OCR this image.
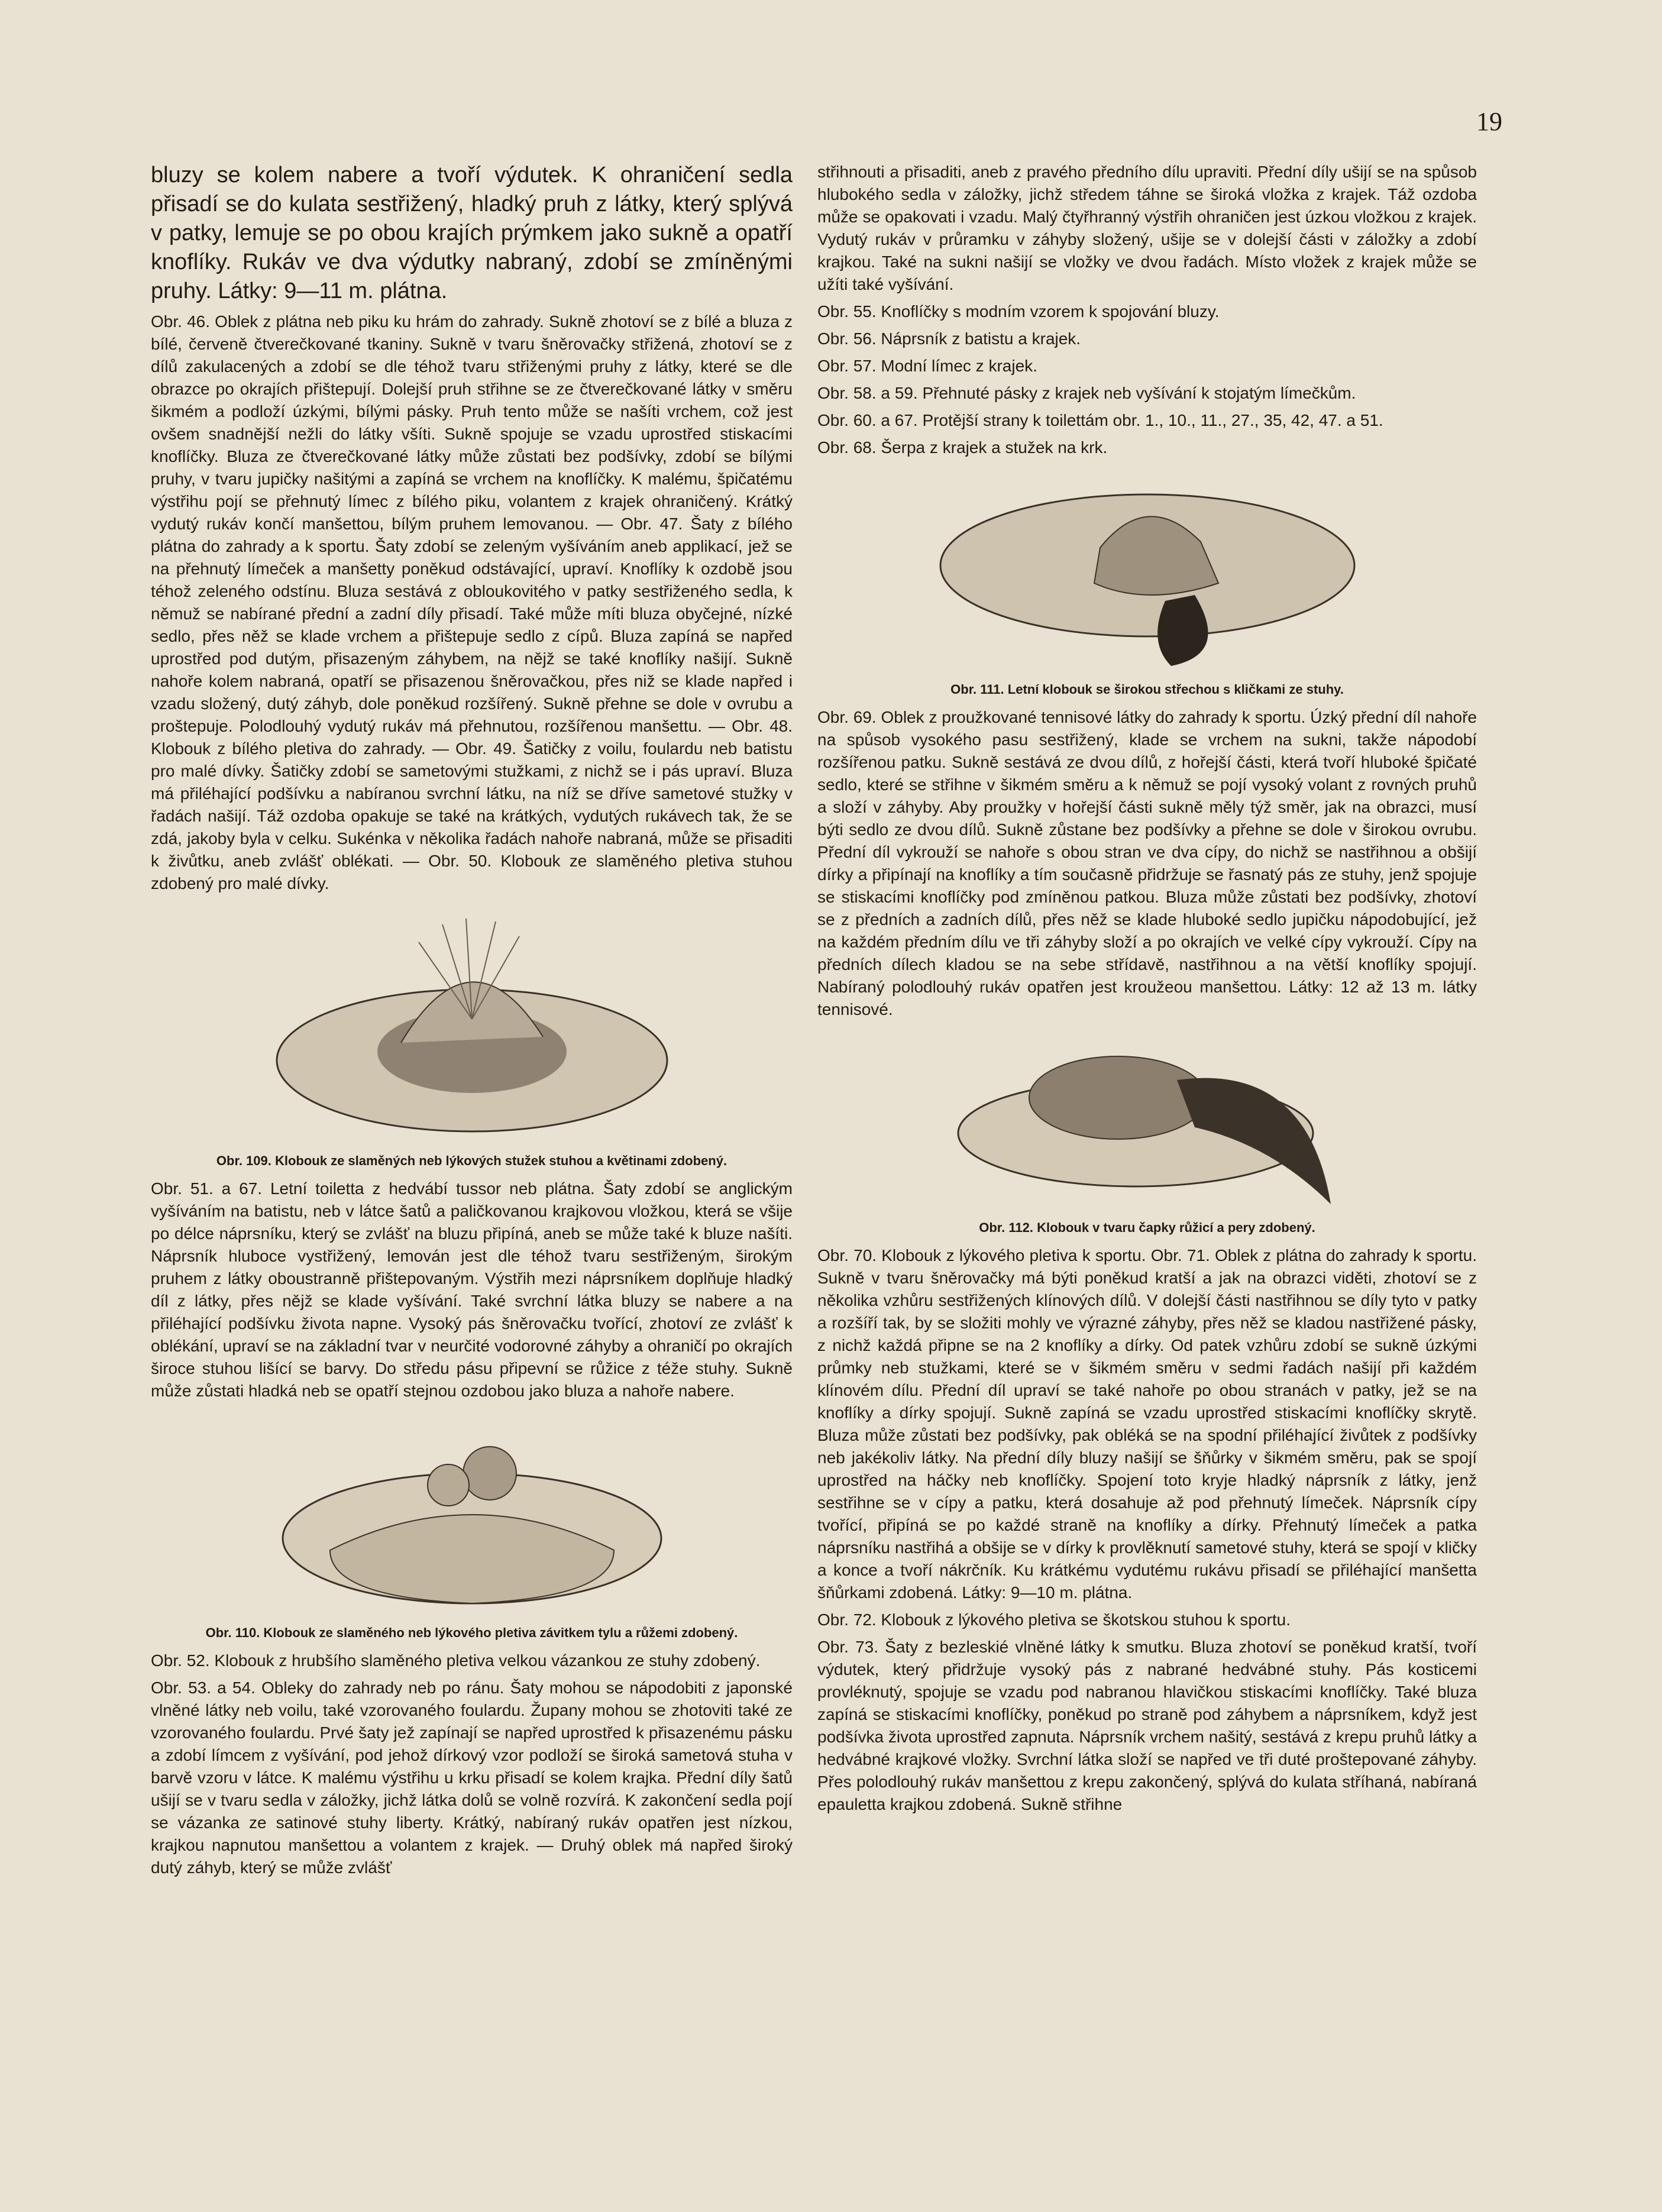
19

bluzy se kolem nabere a tvoří výdutek. K ohraničení sedla přisadí se do kulata sestřižený, hladký pruh z látky, který splývá v patky, lemuje se po obou krajích prýmkem jako sukně a opatří knoflíky. Rukáv ve dva výdutky nabraný, zdobí se zmíněnými pruhy. Látky: 9—11 m. plátna.

Obr. 46. Oblek z plátna neb piku ku hrám do zahrady. Sukně zhotoví se z bílé a bluza z bílé, červeně čtverečkované tkaniny. Sukně v tvaru šněrovačky střižená, zhotoví se z dílů zakulacených a zdobí se dle téhož tvaru střiženými pruhy z látky, které se dle obrazce po okrajích přištepují. Dolejší pruh střihne se ze čtverečkované látky v směru šikmém a podloží úzkými, bílými pásky. Pruh tento může se našíti vrchem, což jest ovšem snadnější nežli do látky všíti. Sukně spojuje se vzadu uprostřed stiskacími knoflíčky. Bluza ze čtverečkované látky může zůstati bez podšívky, zdobí se bílými pruhy, v tvaru jupičky našitými a zapíná se vrchem na knoflíčky. K malému, špičatému výstřihu pojí se přehnutý límec z bílého piku, volantem z krajek ohraničený. Krátký vydutý rukáv končí manšettou, bílým pruhem lemovanou. — Obr. 47. Šaty z bílého plátna do zahrady a k sportu. Šaty zdobí se zeleným vyšíváním aneb applikací, jež se na přehnutý límeček a manšetty poněkud odstávající, upraví. Knoflíky k ozdobě jsou téhož zeleného odstínu. Bluza sestává z obloukovitého v patky sestřiženého sedla, k němuž se nabírané přední a zadní díly přisadí. Také může míti bluza obyčejné, nízké sedlo, přes něž se klade vrchem a přištepuje sedlo z cípů. Bluza zapíná se napřed uprostřed pod dutým, přisazeným záhybem, na nějž se také knoflíky našijí. Sukně nahoře kolem nabraná, opatří se přisazenou šněrovačkou, přes niž se klade napřed i vzadu složený, dutý záhyb, dole poněkud rozšířený. Sukně přehne se dole v ovrubu a proštepuje. Polodlouhý vydutý rukáv má přehnutou, rozšířenou manšettu. — Obr. 48. Klobouk z bílého pletiva do zahrady. — Obr. 49. Šatičky z voilu, foulardu neb batistu pro malé dívky. Šatičky zdobí se sametovými stužkami, z nichž se i pás upraví. Bluza má přiléhající podšívku a nabíranou svrchní látku, na níž se dříve sametové stužky v řadách našijí. Táž ozdoba opakuje se také na krátkých, vydutých rukávech tak, že se zdá, jakoby byla v celku. Sukénka v několika řadách nahoře nabraná, může se přisaditi k živůtku, aneb zvlášť oblékati. — Obr. 50. Klobouk ze slaměného pletiva stuhou zdobený pro malé dívky.

Obr. 109. Klobouk ze slaměných neb lýkových stužek stuhou a květinami zdobený.

Obr. 51. a 67. Letní toiletta z hedvábí tussor neb plátna. Šaty zdobí se anglickým vyšíváním na batistu, neb v látce šatů a paličkovanou krajkovou vložkou, která se všije po délce náprsníku, který se zvlášť na bluzu připíná, aneb se může také k bluze našíti. Náprsník hluboce vystřižený, lemován jest dle téhož tvaru sestřiženým, širokým pruhem z látky oboustranně přištepovaným. Výstřih mezi náprsníkem doplňuje hladký díl z látky, přes nějž se klade vyšívání. Také svrchní látka bluzy se nabere a na přiléhající podšívku života napne. Vysoký pás šněrovačku tvořící, zhotoví ze zvlášť k oblékání, upraví se na základní tvar v neurčité vodorovné záhyby a ohraničí po okrajích široce stuhou lišící se barvy. Do středu pásu připevní se růžice z téže stuhy. Sukně může zůstati hladká neb se opatří stejnou ozdobou jako bluza a nahoře nabere.

Obr. 110. Klobouk ze slaměného neb lýkového pletiva závitkem tylu a růžemi zdobený.

Obr. 52. Klobouk z hrubšího slaměného pletiva velkou vázankou ze stuhy zdobený.

Obr. 53. a 54. Obleky do zahrady neb po ránu. Šaty mohou se nápodobiti z japonské vlněné látky neb voilu, také vzorovaného foulardu. Župany mohou se zhotoviti také ze vzorovaného foulardu. Prvé šaty jež zapínají se napřed uprostřed k přisazenému pásku a zdobí límcem z vyšívání, pod jehož dírkový vzor podloží se široká sametová stuha v barvě vzoru v látce. K malému výstřihu u krku přisadí se kolem krajka. Přední díly šatů ušijí se v tvaru sedla v záložky, jichž látka dolů se volně rozvírá. K zakončení sedla pojí se vázanka ze satinové stuhy liberty. Krátký, nabíraný rukáv opatřen jest nízkou, krajkou napnutou manšettou a volantem z krajek. — Druhý oblek má napřed široký dutý záhyb, který se může zvlášť

střihnouti a přisaditi, aneb z pravého předního dílu upraviti. Přední díly ušijí se na spůsob hlubokého sedla v záložky, jichž středem táhne se široká vložka z krajek. Táž ozdoba může se opakovati i vzadu. Malý čtyřhranný výstřih ohraničen jest úzkou vložkou z krajek. Vydutý rukáv v průramku v záhyby složený, ušije se v dolejší části v záložky a zdobí krajkou. Také na sukni našijí se vložky ve dvou řadách. Místo vložek z krajek může se užíti také vyšívání.

Obr. 55. Knoflíčky s modním vzorem k spojování bluzy.

Obr. 56. Náprsník z batistu a krajek.

Obr. 57. Modní límec z krajek.

Obr. 58. a 59. Přehnuté pásky z krajek neb vyšívání k stojatým límečkům.

Obr. 60. a 67. Protější strany k toilettám obr. 1., 10., 11., 27., 35, 42, 47. a 51.

Obr. 68. Šerpa z krajek a stužek na krk.

Obr. 111. Letní klobouk se širokou střechou s kličkami ze stuhy.

Obr. 69. Oblek z proužkované tennisové látky do zahrady k sportu. Úzký přední díl nahoře na spůsob vysokého pasu sestřižený, klade se vrchem na sukni, takže nápodobí rozšířenou patku. Sukně sestává ze dvou dílů, z hořejší části, která tvoří hluboké špičaté sedlo, které se střihne v šikmém směru a k němuž se pojí vysoký volant z rovných pruhů a složí v záhyby. Aby proužky v hořejší části sukně měly týž směr, jak na obrazci, musí býti sedlo ze dvou dílů. Sukně zůstane bez podšívky a přehne se dole v širokou ovrubu. Přední díl vykrouží se nahoře s obou stran ve dva cípy, do nichž se nastřihnou a obšijí dírky a připínají na knoflíky a tím současně přidržuje se řasnatý pás ze stuhy, jenž spojuje se stiskacími knoflíčky pod zmíněnou patkou. Bluza může zůstati bez podšívky, zhotoví se z předních a zadních dílů, přes něž se klade hluboké sedlo jupičku nápodobující, jež na každém předním dílu ve tři záhyby složí a po okrajích ve velké cípy vykrouží. Cípy na předních dílech kladou se na sebe střídavě, nastřihnou a na větší knoflíky spojují. Nabíraný polodlouhý rukáv opatřen jest kroužeou manšettou. Látky: 12 až 13 m. látky tennisové.

Obr. 112. Klobouk v tvaru čapky růžicí a pery zdobený.

Obr. 70. Klobouk z lýkového pletiva k sportu. Obr. 71. Oblek z plátna do zahrady k sportu. Sukně v tvaru šněrovačky má býti poněkud kratší a jak na obrazci viděti, zhotoví se z několika vzhůru sestřižených klínových dílů. V dolejší části nastřihnou se díly tyto v patky a rozšíří tak, by se složiti mohly ve výrazné záhyby, přes něž se kladou nastřižené pásky, z nichž každá připne se na 2 knoflíky a dírky. Od patek vzhůru zdobí se sukně úzkými průmky neb stužkami, které se v šikmém směru v sedmi řadách našijí při každém klínovém dílu. Přední díl upraví se také nahoře po obou stranách v patky, jež se na knoflíky a dírky spojují. Sukně zapíná se vzadu uprostřed stiskacími knoflíčky skrytě. Bluza může zůstati bez podšívky, pak obléká se na spodní přiléhající živůtek z podšívky neb jakékoliv látky. Na přední díly bluzy našijí se šňůrky v šikmém směru, pak se spojí uprostřed na háčky neb knoflíčky. Spojení toto kryje hladký náprsník z látky, jenž sestřihne se v cípy a patku, která dosahuje až pod přehnutý límeček. Náprsník cípy tvořící, připíná se po každé straně na knoflíky a dírky. Přehnutý límeček a patka náprsníku nastřihá a obšije se v dírky k provlěknutí sametové stuhy, která se spojí v kličky a konce a tvoří nákrčník. Ku krátkému vydutému rukávu přisadí se přiléhající manšetta šňůrkami zdobená. Látky: 9—10 m. plátna.

Obr. 72. Klobouk z lýkového pletiva se škotskou stuhou k sportu.

Obr. 73. Šaty z bezleskié vlněné látky k smutku. Bluza zhotoví se poněkud kratší, tvoří výdutek, který přidržuje vysoký pás z nabrané hedvábné stuhy. Pás kosticemi provléknutý, spojuje se vzadu pod nabranou hlavičkou stiskacími knoflíčky. Také bluza zapíná se stiskacími knoflíčky, poněkud po straně pod záhybem a náprsníkem, když jest podšívka života uprostřed zapnuta. Náprsník vrchem našitý, sestává z krepu pruhů látky a hedvábné krajkové vložky. Svrchní látka složí se napřed ve tři duté proštepované záhyby. Přes polodlouhý rukáv manšettou z krepu zakončený, splývá do kulata stříhaná, nabíraná epauletta krajkou zdobená. Sukně střihne
